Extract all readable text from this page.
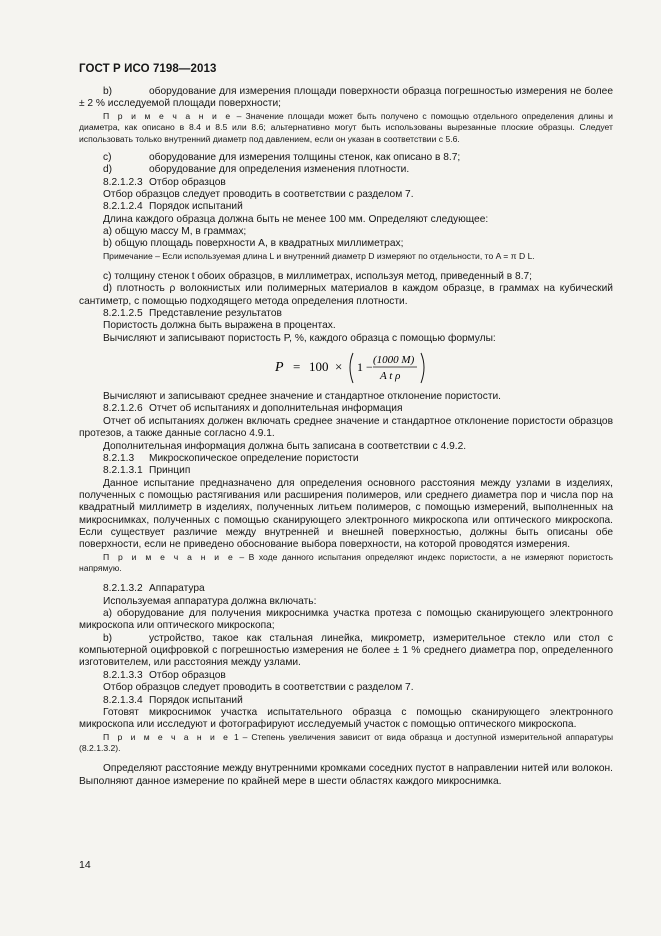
ГОСТ Р ИСО 7198—2013

b)	оборудование для измерения площади поверхности образца погрешностью измерения не более ± 2 % исследуемой площади поверхности;

П р и м е ч а н и е – Значение площади может быть получено с помощью отдельного определения длины и диаметра, как описано в 8.4 и 8.5 или 8.6; альтернативно могут быть использованы вырезанные плоские образцы. Следует использовать только внутренний диаметр под давлением, если он указан в соответствии с 5.6.

c)	оборудование для измерения толщины стенок, как описано в 8.7;

d)	оборудование для определения изменения плотности.

8.2.1.2.3 Отбор образцов

Отбор образцов следует проводить в соответствии с разделом 7.

8.2.1.2.4 Порядок испытаний

Длина каждого образца должна быть не менее 100 мм. Определяют следующее:

a) общую массу М, в граммах;

b) общую площадь поверхности А, в квадратных миллиметрах;

Примечание – Если используемая длина L и внутренний диаметр D измеряют по отдельности, то A = π D L.

c) толщину стенок t обоих образцов, в миллиметрах, используя метод, приведенный в 8.7;

d) плотность ρ волокнистых или полимерных материалов в каждом образце, в граммах на кубический сантиметр, с помощью подходящего метода определения плотности.

8.2.1.2.5 Представление результатов

Пористость должна быть выражена в процентах.

Вычисляют и записывают пористость P, %, каждого образца с помощью формулы:

P = 100 × 1 − (1000 M)
A t ρ

Вычисляют и записывают среднее значение и стандартное отклонение пористости.

8.2.1.2.6 Отчет об испытаниях и дополнительная информация

Отчет об испытаниях должен включать среднее значение и стандартное отклонение пористости образцов протезов, а также данные согласно 4.9.1.

Дополнительная информация должна быть записана в соответствии с 4.9.2.

8.2.1.3 Микроскопическое определение пористости

8.2.1.3.1 Принцип

Данное испытание предназначено для определения основного расстояния между узлами в изделиях, полученных с помощью растягивания или расширения полимеров, или среднего диаметра пор и числа пор на квадратный миллиметр в изделиях, полученных литьем полимеров, с помощью измерений, выполненных на микроснимках, полученных с помощью сканирующего электронного микроскопа или оптического микроскопа. Если существует различие между внутренней и внешней поверхностью, должны быть описаны обе поверхности, если не приведено обоснование выбора поверхности, на которой проводятся измерения.

П р и м е ч а н и е – В ходе данного испытания определяют индекс пористости, а не измеряют пористость напрямую.

8.2.1.3.2 Аппаратура

Используемая аппаратура должна включать:

a) оборудование для получения микроснимка участка протеза с помощью сканирующего электронного микроскопа или оптического микроскопа;

b)	устройство, такое как стальная линейка, микрометр, измерительное стекло или стол с компьютерной оцифровкой с погрешностью измерения не более ± 1 % среднего диаметра пор, определенного изготовителем, или расстояния между узлами.

8.2.1.3.3 Отбор образцов

Отбор образцов следует проводить в соответствии с разделом 7.

8.2.1.3.4 Порядок испытаний

Готовят микроснимок участка испытательного образца с помощью сканирующего электронного микроскопа или исследуют и фотографируют исследуемый участок с помощью оптического микроскопа.

П р и м е ч а н и е 1 – Степень увеличения зависит от вида образца и доступной измерительной аппаратуры (8.2.1.3.2).

Определяют расстояние между внутренними кромками соседних пустот в направлении нитей или волокон. Выполняют данное измерение по крайней мере в шести областях каждого микроснимка.

14
